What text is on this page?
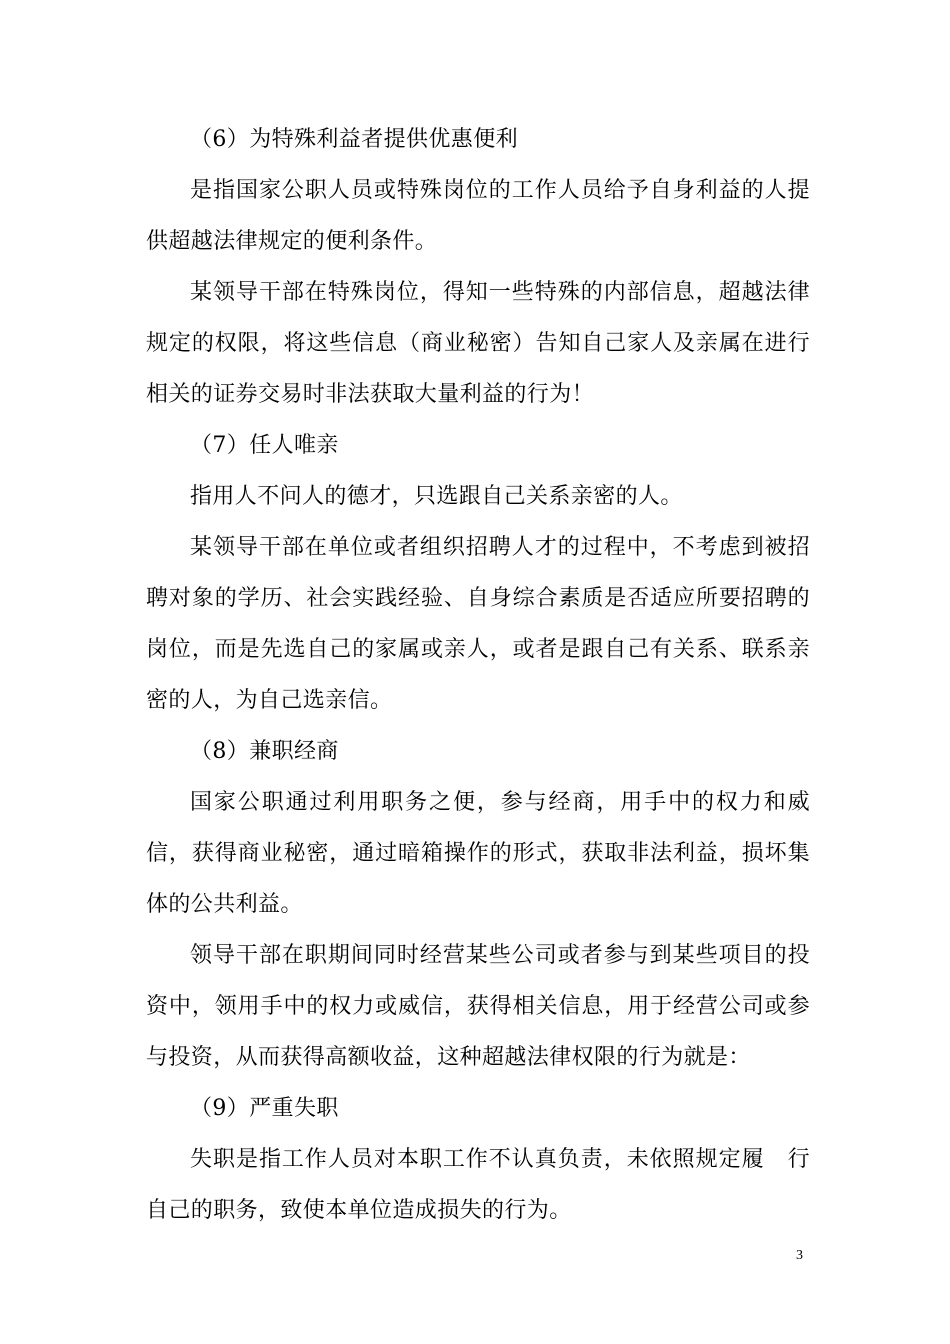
（6）为特殊利益者提供优惠便利

是指国家公职人员或特殊岗位的工作人员给予自身利益的人提供超越法律规定的便利条件。

某领导干部在特殊岗位，得知一些特殊的内部信息，超越法律规定的权限，将这些信息（商业秘密）告知自己家人及亲属在进行相关的证券交易时非法获取大量利益的行为！

（7）任人唯亲

指用人不问人的德才，只选跟自己关系亲密的人。

某领导干部在单位或者组织招聘人才的过程中，不考虑到被招聘对象的学历、社会实践经验、自身综合素质是否适应所要招聘的岗位，而是先选自己的家属或亲人，或者是跟自己有关系、联系亲密的人，为自己选亲信。

（8）兼职经商

国家公职通过利用职务之便，参与经商，用手中的权力和威信，获得商业秘密，通过暗箱操作的形式，获取非法利益，损坏集体的公共利益。

领导干部在职期间同时经营某些公司或者参与到某些项目的投资中，领用手中的权力或威信，获得相关信息，用于经营公司或参与投资，从而获得高额收益，这种超越法律权限的行为就是：

（9）严重失职

失职是指工作人员对本职工作不认真负责，未依照规定履　行自己的职务，致使本单位造成损失的行为。

3
